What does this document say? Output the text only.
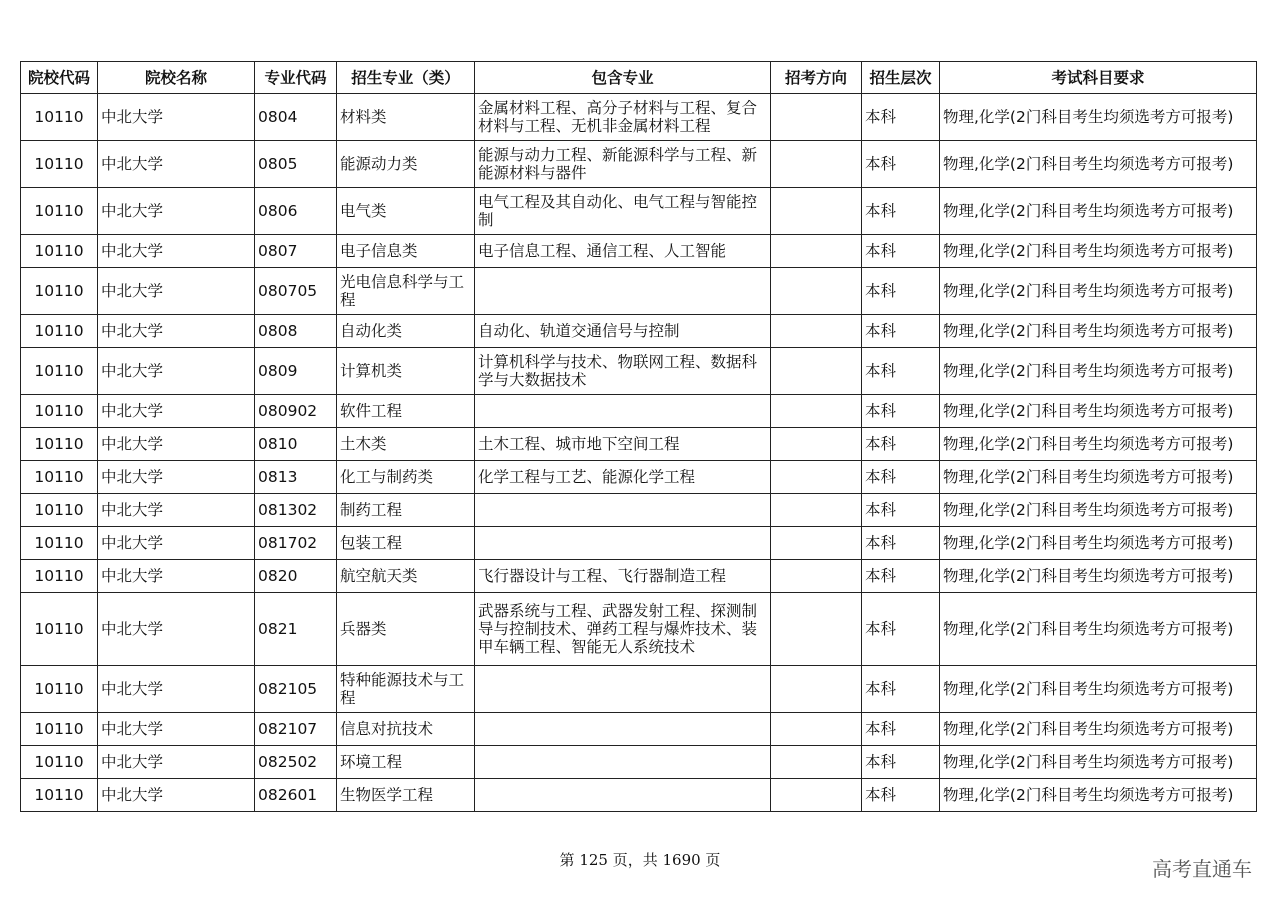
院校代码	院校名称	专业代码	招生专业（类）	包含专业	招考方向	招生层次	考试科目要求
10110	中北大学	0804	材料类	金属材料工程、高分子材料与工程、复合材料与工程、无机非金属材料工程		本科	物理,化学(2门科目考生均须选考方可报考)
10110	中北大学	0805	能源动力类	能源与动力工程、新能源科学与工程、新能源材料与器件		本科	物理,化学(2门科目考生均须选考方可报考)
10110	中北大学	0806	电气类	电气工程及其自动化、电气工程与智能控制		本科	物理,化学(2门科目考生均须选考方可报考)
10110	中北大学	0807	电子信息类	电子信息工程、通信工程、人工智能		本科	物理,化学(2门科目考生均须选考方可报考)
10110	中北大学	080705	光电信息科学与工程			本科	物理,化学(2门科目考生均须选考方可报考)
10110	中北大学	0808	自动化类	自动化、轨道交通信号与控制		本科	物理,化学(2门科目考生均须选考方可报考)
10110	中北大学	0809	计算机类	计算机科学与技术、物联网工程、数据科学与大数据技术		本科	物理,化学(2门科目考生均须选考方可报考)
10110	中北大学	080902	软件工程			本科	物理,化学(2门科目考生均须选考方可报考)
10110	中北大学	0810	土木类	土木工程、城市地下空间工程		本科	物理,化学(2门科目考生均须选考方可报考)
10110	中北大学	0813	化工与制药类	化学工程与工艺、能源化学工程		本科	物理,化学(2门科目考生均须选考方可报考)
10110	中北大学	081302	制药工程			本科	物理,化学(2门科目考生均须选考方可报考)
10110	中北大学	081702	包装工程			本科	物理,化学(2门科目考生均须选考方可报考)
10110	中北大学	0820	航空航天类	飞行器设计与工程、飞行器制造工程		本科	物理,化学(2门科目考生均须选考方可报考)
10110	中北大学	0821	兵器类	武器系统与工程、武器发射工程、探测制导与控制技术、弹药工程与爆炸技术、装甲车辆工程、智能无人系统技术		本科	物理,化学(2门科目考生均须选考方可报考)
10110	中北大学	082105	特种能源技术与工程			本科	物理,化学(2门科目考生均须选考方可报考)
10110	中北大学	082107	信息对抗技术			本科	物理,化学(2门科目考生均须选考方可报考)
10110	中北大学	082502	环境工程			本科	物理,化学(2门科目考生均须选考方可报考)
10110	中北大学	082601	生物医学工程			本科	物理,化学(2门科目考生均须选考方可报考)
第 125 页，共 1690 页	高考直通车
